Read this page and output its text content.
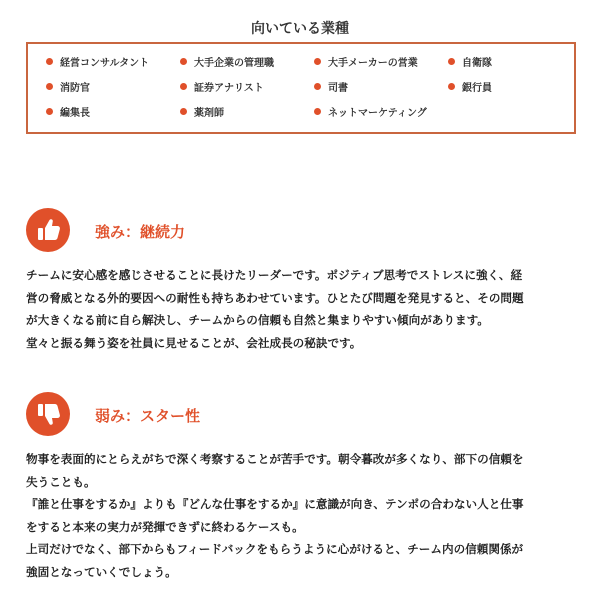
向いている業種
経営コンサルタント	大手企業の管理職	大手メーカーの営業	自衛隊
消防官	証券アナリスト	司書	銀行員
編集長	薬剤師	ネットマーケティング
強み：継続力

チームに安心感を感じさせることに長けたリーダーです。ポジティブ思考でストレスに強く、経

営の脅威となる外的要因への耐性も持ちあわせています。ひとたび問題を発見すると、その問題

が大きくなる前に自ら解決し、チームからの信頼も自然と集まりやすい傾向があります。

堂々と振る舞う姿を社員に見せることが、会社成長の秘訣です。

弱み：スター性

物事を表面的にとらえがちで深く考察することが苦手です。朝令暮改が多くなり、部下の信頼を

失うことも。

『誰と仕事をするか』よりも『どんな仕事をするか』に意識が向き、テンポの合わない人と仕事

をすると本来の実力が発揮できずに終わるケースも。

上司だけでなく、部下からもフィードバックをもらうように心がけると、チーム内の信頼関係が

強固となっていくでしょう。
